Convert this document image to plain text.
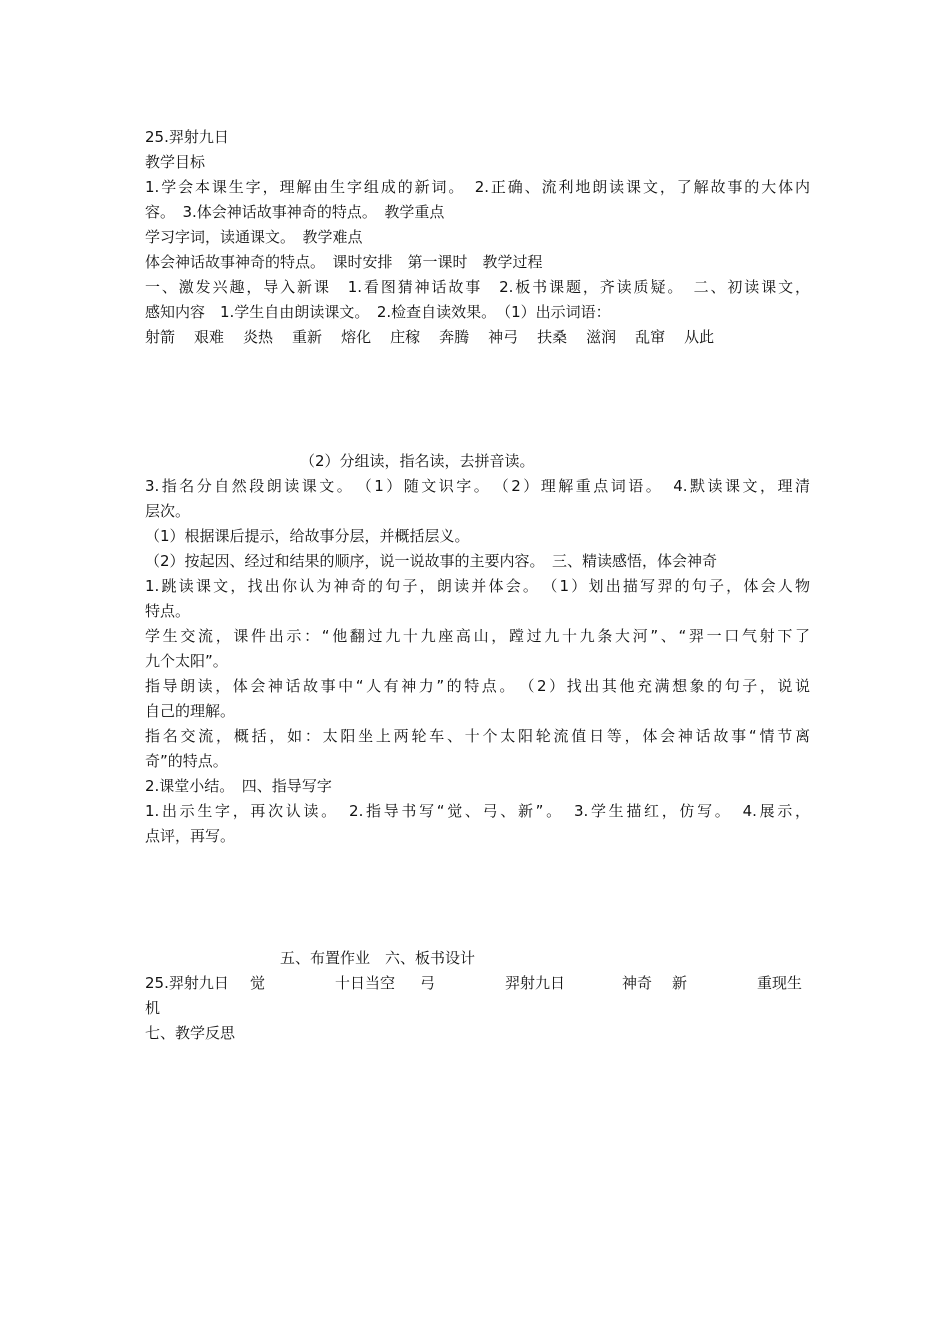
25.羿射九日
教学目标
1.学会本课生字，理解由生字组成的新词。　2.正确、流利地朗读课文，了解故事的大体内
容。　3.体会神话故事神奇的特点。　教学重点
学习字词，读通课文。　教学难点
体会神话故事神奇的特点。　课时安排　第一课时　教学过程
一、激发兴趣，导入新课　1.看图猜神话故事　2.板书课题，齐读质疑。　二、初读课文，
感知内容　1.学生自由朗读课文。　2.检查自读效果。　（1）出示词语：
射箭 艰难 炎热 重新 熔化 庄稼 奔腾 神弓 扶桑 滋润 乱窜 从此
（2）分组读，指名读，去拼音读。
3.指名分自然段朗读课文。　（1）随文识字。　（2）理解重点词语。　4.默读课文，理清
层次。
（1）根据课后提示，给故事分层，并概括层义。
（2）按起因、经过和结果的顺序，说一说故事的主要内容。　三、精读感悟，体会神奇
1.跳读课文，找出你认为神奇的句子，朗读并体会。　（1）划出描写羿的句子，体会人物
特点。
学生交流，课件出示：“他翻过九十九座高山，蹚过九十九条大河”、“羿一口气射下了
九个太阳”。
指导朗读，体会神话故事中“人有神力”的特点。　（2）找出其他充满想象的句子，说说
自己的理解。
指名交流，概括，如：太阳坐上两轮车、十个太阳轮流值日等，体会神话故事“情节离
奇”的特点。
2.课堂小结。　四、指导写字
1.出示生字，再次认读。　2.指导书写“觉、弓、新”。　3.学生描红，仿写。　4.展示，
点评，再写。
五、布置作业　六、板书设计
25.羿射九日 觉	十日当空 弓	羿射九日	神奇 新	重现生
机
七、教学反思
